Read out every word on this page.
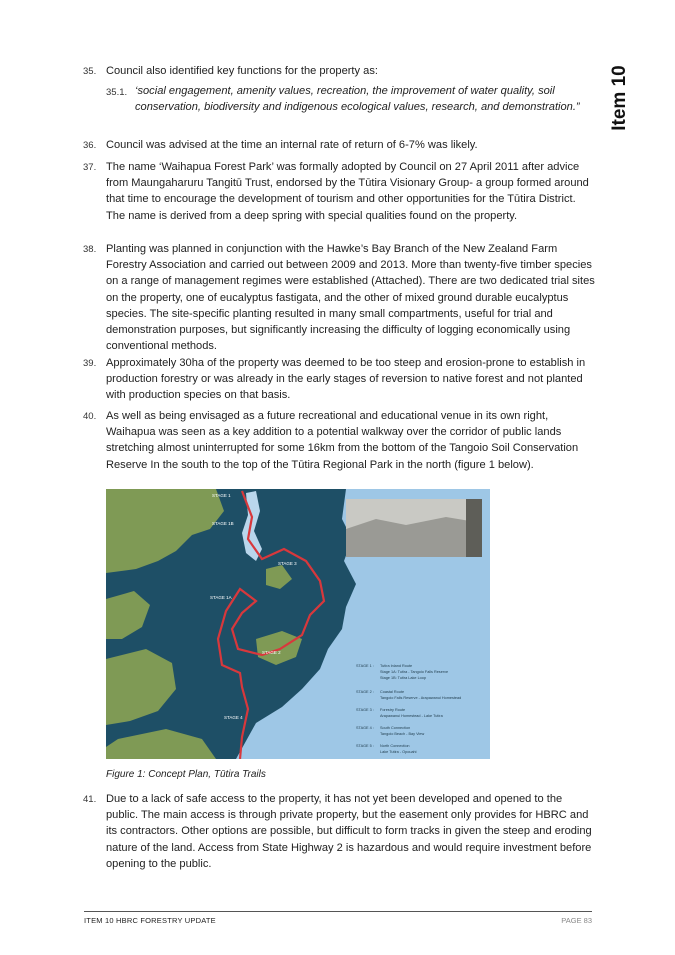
Item 10
35. Council also identified key functions for the property as:
35.1. ‘social engagement, amenity values, recreation, the improvement of water quality, soil conservation, biodiversity and indigenous ecological values, research, and demonstration.”
36. Council was advised at the time an internal rate of return of 6-7% was likely.
37. The name ‘Waihapua Forest Park’ was formally adopted by Council on 27 April 2011 after advice from Maungaharuru Tangitū Trust, endorsed by the Tūtira Visionary Group- a group formed around that time to encourage the development of tourism and other opportunities for the Tūtira District. The name is derived from a deep spring with special qualities found on the property.
38. Planting was planned in conjunction with the Hawke’s Bay Branch of the New Zealand Farm Forestry Association and carried out between 2009 and 2013. More than twenty-five timber species on a range of management regimes were established (Attached). There are two dedicated trial sites on the property, one of eucalyptus fastigata, and the other of mixed ground durable eucalyptus species. The site-specific planting resulted in many small compartments, useful for trial and demonstration purposes, but significantly increasing the difficulty of logging economically using conventional methods.
39. Approximately 30ha of the property was deemed to be too steep and erosion-prone to establish in production forestry or was already in the early stages of reversion to native forest and not planted with production species on that basis.
40. As well as being envisaged as a future recreational and educational venue in its own right, Waihapua was seen as a key addition to a potential walkway over the corridor of public lands stretching almost uninterrupted for some 16km from the bottom of the Tangoio Soil Conservation Reserve In the south to the top of the Tūtira Regional Park in the north (figure 1 below).
STAGE 1
STAGE 1B
STAGE 1A
STAGE 3
STAGE 2
STAGE 4
STAGE 1 : Tutira Inland Route
Stage 1A: Tutira - Tangoio Falls Reserve
Stage 1B: Tutira Lake Loop
STAGE 2 : Coastal Route
Tangoio Falls Reserve - Arapawanui Homestead
STAGE 3 : Forestry Route
Arapawanui Homestead - Lake Tutira
STAGE 4 : South Connection
Tangoio Beach - Bay View
STAGE 5 : North Connection
Lake Tutira - Opouahi
Figure 1: Concept Plan, Tūtira Trails
41. Due to a lack of safe access to the property, it has not yet been developed and opened to the public. The main access is through private property, but the easement only provides for HBRC and its contractors. Other options are possible, but difficult to form tracks in given the steep and eroding nature of the land. Access from State Highway 2 is hazardous and would require investment before opening to the public.
ITEM 10 HBRC FORESTRY UPDATE	PAGE 83
